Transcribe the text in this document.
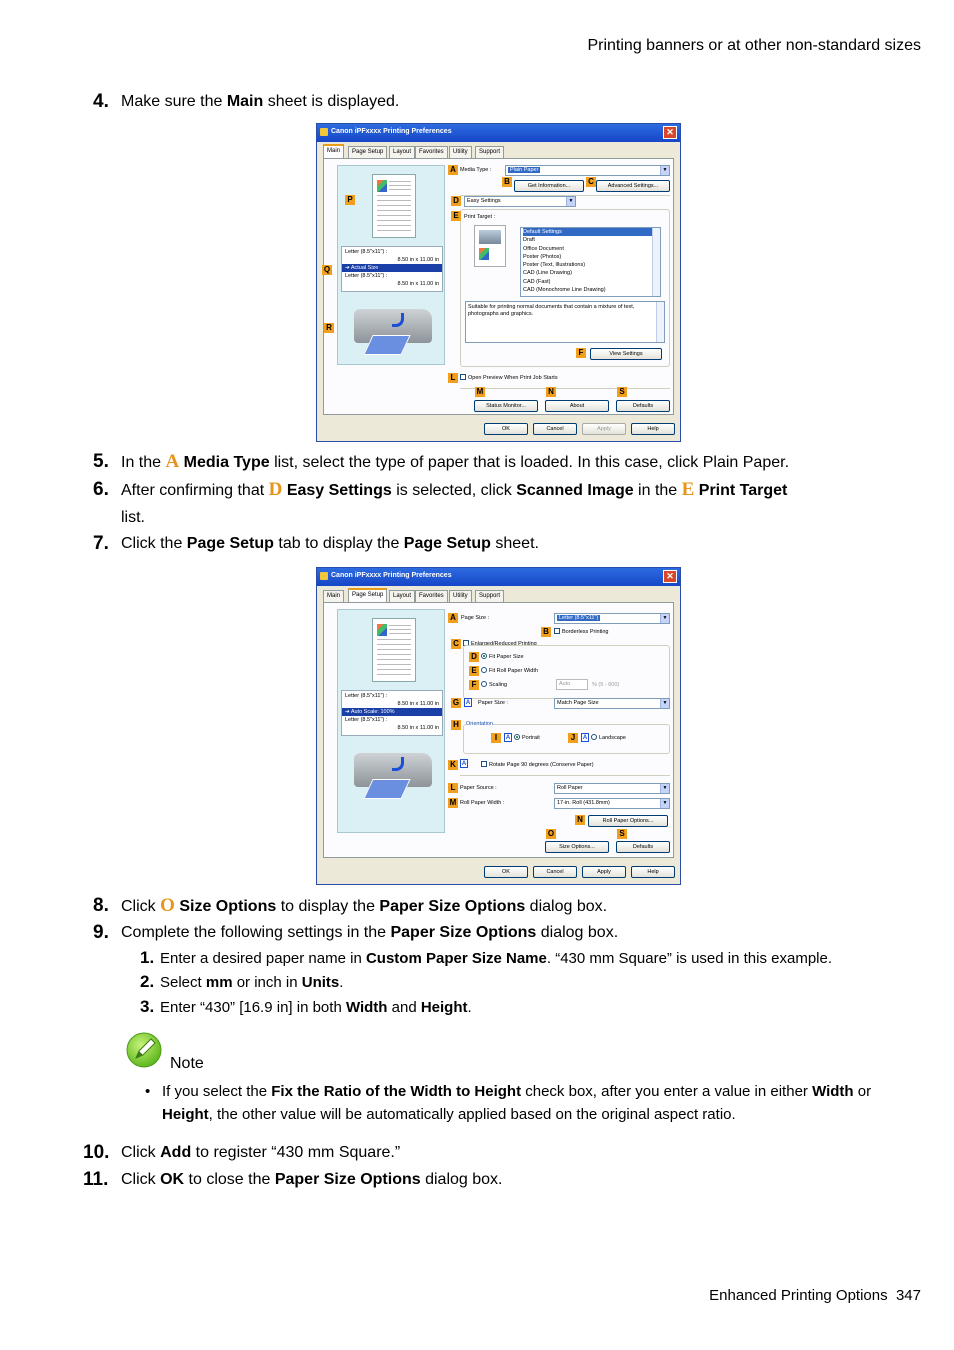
Printing banners or at other non-standard sizes
Enhanced Printing Options 347
4. Make sure the Main sheet is displayed.
Canon iPFxxxx Printing Preferences	✕
Main	Page Setup	Layout	Favorites	Utility	Support
Letter (8.5"x11") :
8.50 in x 11.00 in
➔ Actual Size
Letter (8.5"x11") :
8.50 in x 11.00 in
P
Q
R
A Media Type :	Plain Paper	▼
B	Get Information...	C	Advanced Settings...
D	Easy Settings	▼
E Print Target :
Default Settings
Draft
Office Document
Poster (Photos)
Poster (Text, Illustrations)
CAD (Line Drawing)
CAD (Fast)
CAD (Monochrome Line Drawing)
Suitable for printing normal documents that contain a mixture of text, photographs and graphics.
F	View Settings
L	Open Preview When Print Job Starts
M	N	S
Status Monitor...	About	Defaults
OK	Cancel	Apply	Help
5. In the A Media Type list, select the type of paper that is loaded. In this case, click Plain Paper.
6. After confirming that D Easy Settings is selected, click Scanned Image in the E Print Target
list.
7. Click the Page Setup tab to display the Page Setup sheet.
Canon iPFxxxx Printing Preferences	✕
Main	Page Setup	Layout	Favorites	Utility	Support
Letter (8.5"x11") :
8.50 in x 11.00 in
➔ Auto Scale: 100%
Letter (8.5"x11") :
8.50 in x 11.00 in
A Page Size :	Letter (8.5"x11")	▼
B	Borderless Printing
C	Enlarged/Reduced Printing
D	Fit Paper Size
E	Fit Roll Paper Width
F	Scaling	Auto	% (5 - 600)
G	A	Paper Size :	Match Page Size	▼
H	Orientation
I	A Portrait	J	A Landscape
K A	Rotate Page 90 degrees (Conserve Paper)
L Paper Source :	Roll Paper	▼
M Roll Paper Width :	17-in. Roll (431.8mm)	▼
N	Roll Paper Options...
O	S
Size Options...	Defaults
OK	Cancel	Apply	Help
8. Click O Size Options to display the Paper Size Options dialog box.
9. Complete the following settings in the Paper Size Options dialog box.
1. Enter a desired paper name in Custom Paper Size Name. “430 mm Square” is used in this example.
2. Select mm or inch in Units.
3. Enter “430” [16.9 in] in both Width and Height.
Note
• If you select the Fix the Ratio of the Width to Height check box, after you enter a value in either Width or Height, the other value will be automatically applied based on the original aspect ratio.
10. Click Add to register “430 mm Square.”
11. Click OK to close the Paper Size Options dialog box.
